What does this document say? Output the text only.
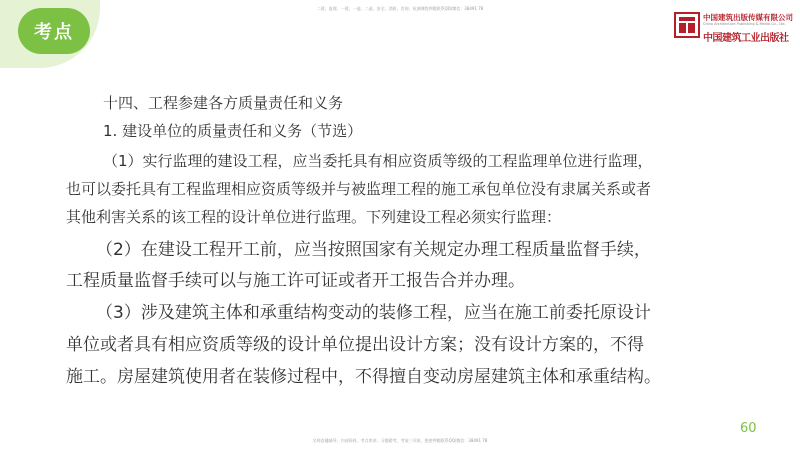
考点
二建、监理、一建、一造、二造、安全、消防、咨询、检测课程押题联系QQ/微信：38491 78
中国建筑出版传媒有限公司
China Architecture Publishing & Media Co., Ltd.
中国建筑工业出版社
十四、工程参建各方质量责任和义务
1. 建设单位的质量责任和义务（节选）
（1）实行监理的建设工程，应当委托具有相应资质等级的工程监理单位进行监理，
也可以委托具有工程监理相应资质等级并与被监理工程的施工承包单位没有隶属关系或者
其他利害关系的该工程的设计单位进行监理。下列建设工程必须实行监理：
（2）在建设工程开工前，应当按照国家有关规定办理工程质量监督手续，
工程质量监督手续可以与施工许可证或者开工报告合并办理。
（3）涉及建筑主体和承重结构变动的装修工程，应当在施工前委托原设计
单位或者具有相应资质等级的设计单位提出设计方案；没有设计方案的，不得
施工。房屋建筑使用者在装修过程中，不得擅自变动房屋建筑主体和承重结构。
60
名师直播辅导、内部资料、考点串讲、习题精考、考前三页纸、绝密押题联系QQ/微信：38491 78
